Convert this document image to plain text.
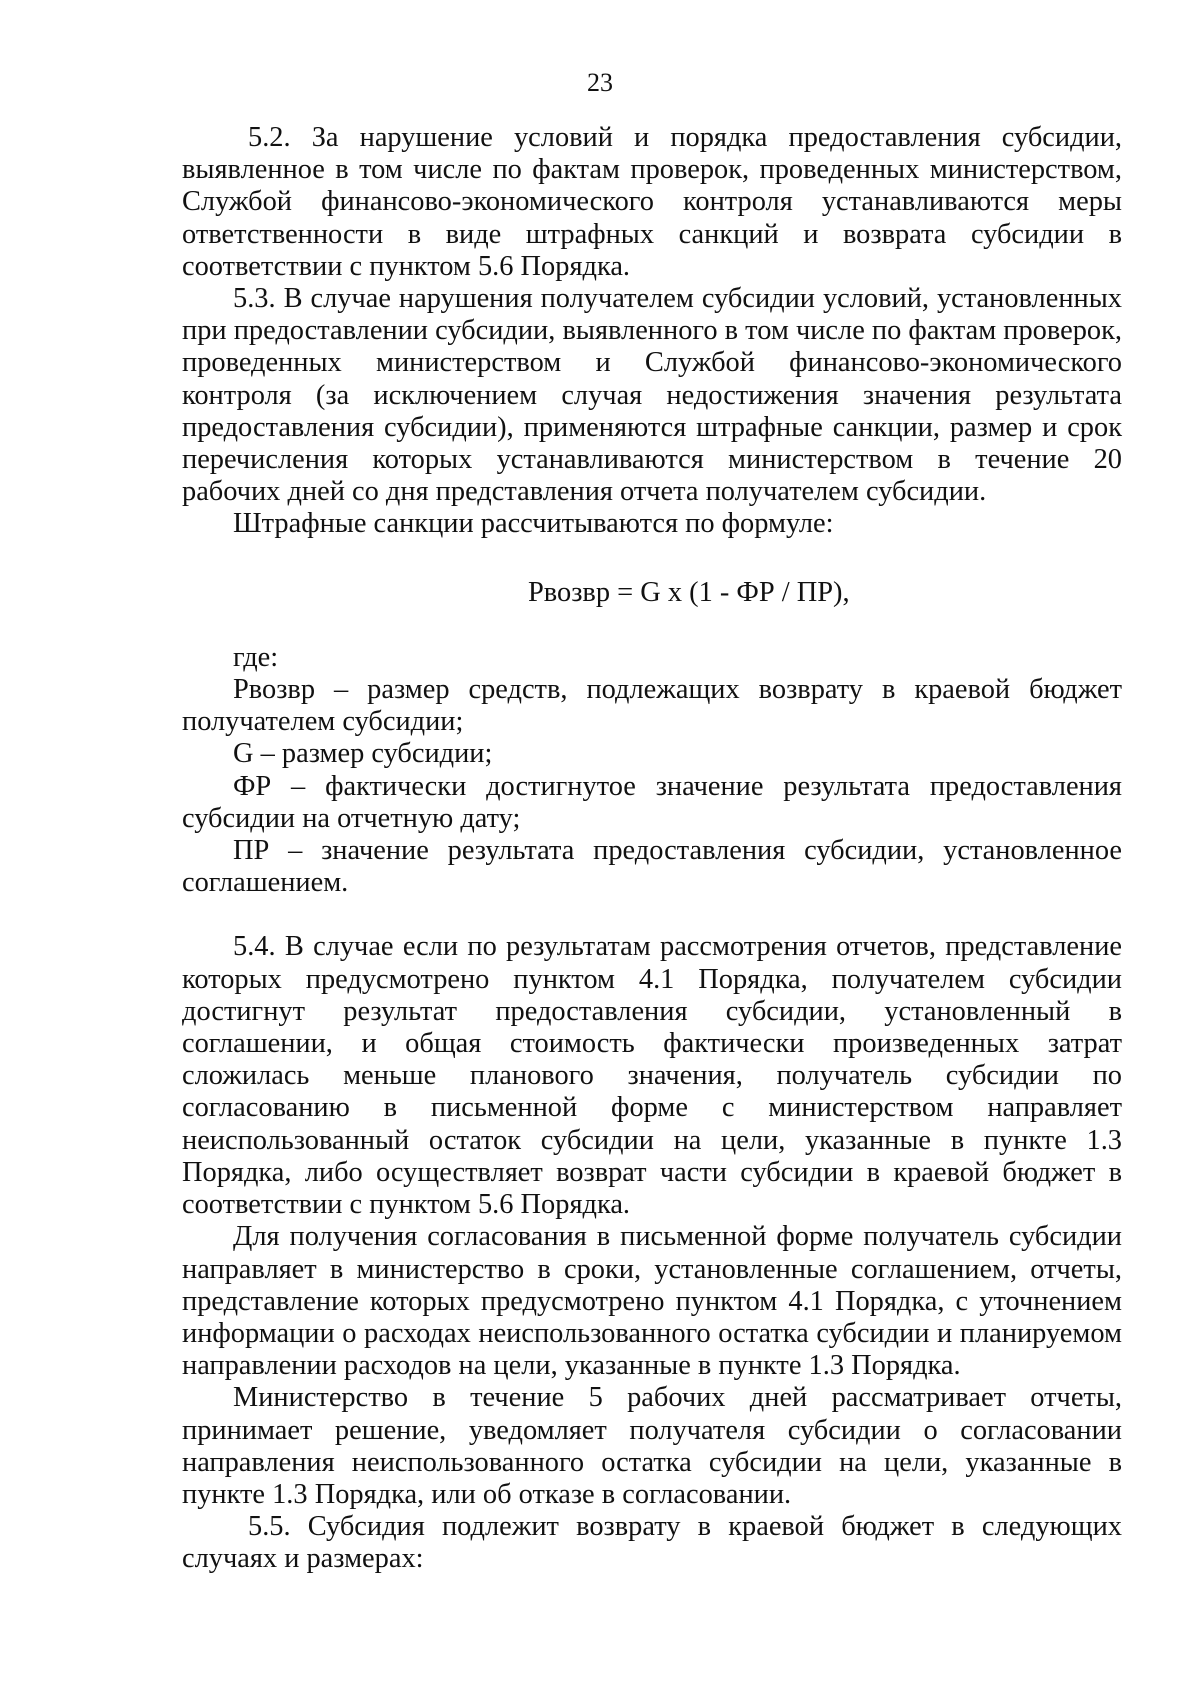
23

5.2. За нарушение условий и порядка предоставления субсидии, выявленное в том числе по фактам проверок, проведенных министерством, Службой финансово-экономического контроля устанавливаются меры ответственности в виде штрафных санкций и возврата субсидии в соответствии с пунктом 5.6 Порядка.

5.3. В случае нарушения получателем субсидии условий, установленных при предоставлении субсидии, выявленного в том числе по фактам проверок, проведенных министерством и Службой финансово-экономического контроля (за исключением случая недостижения значения результата предоставления субсидии), применяются штрафные санкции, размер и срок перечисления которых устанавливаются министерством в течение 20 рабочих дней со дня представления отчета получателем субсидии.

Штрафные санкции рассчитываются по формуле:

Рвозвр = G x (1 - ФР / ПР),

где:

Рвозвр – размер средств, подлежащих возврату в краевой бюджет получателем субсидии;

G – размер субсидии;

ФР – фактически достигнутое значение результата предоставления субсидии на отчетную дату;

ПР – значение результата предоставления субсидии, установленное соглашением.

5.4. В случае если по результатам рассмотрения отчетов, представление которых предусмотрено пунктом 4.1 Порядка, получателем субсидии достигнут результат предоставления субсидии, установленный в соглашении, и общая стоимость фактически произведенных затрат сложилась меньше планового значения, получатель субсидии по согласованию в письменной форме с министерством направляет неиспользованный остаток субсидии на цели, указанные в пункте 1.3 Порядка, либо осуществляет возврат части субсидии в краевой бюджет в соответствии с пунктом 5.6 Порядка.

Для получения согласования в письменной форме получатель субсидии направляет в министерство в сроки, установленные соглашением, отчеты, представление которых предусмотрено пунктом 4.1 Порядка, с уточнением информации о расходах неиспользованного остатка субсидии и планируемом направлении расходов на цели, указанные в пункте 1.3 Порядка.

Министерство в течение 5 рабочих дней рассматривает отчеты, принимает решение, уведомляет получателя субсидии о согласовании направления неиспользованного остатка субсидии на цели, указанные в пункте 1.3 Порядка, или об отказе в согласовании.

5.5. Субсидия подлежит возврату в краевой бюджет в следующих случаях и размерах:
